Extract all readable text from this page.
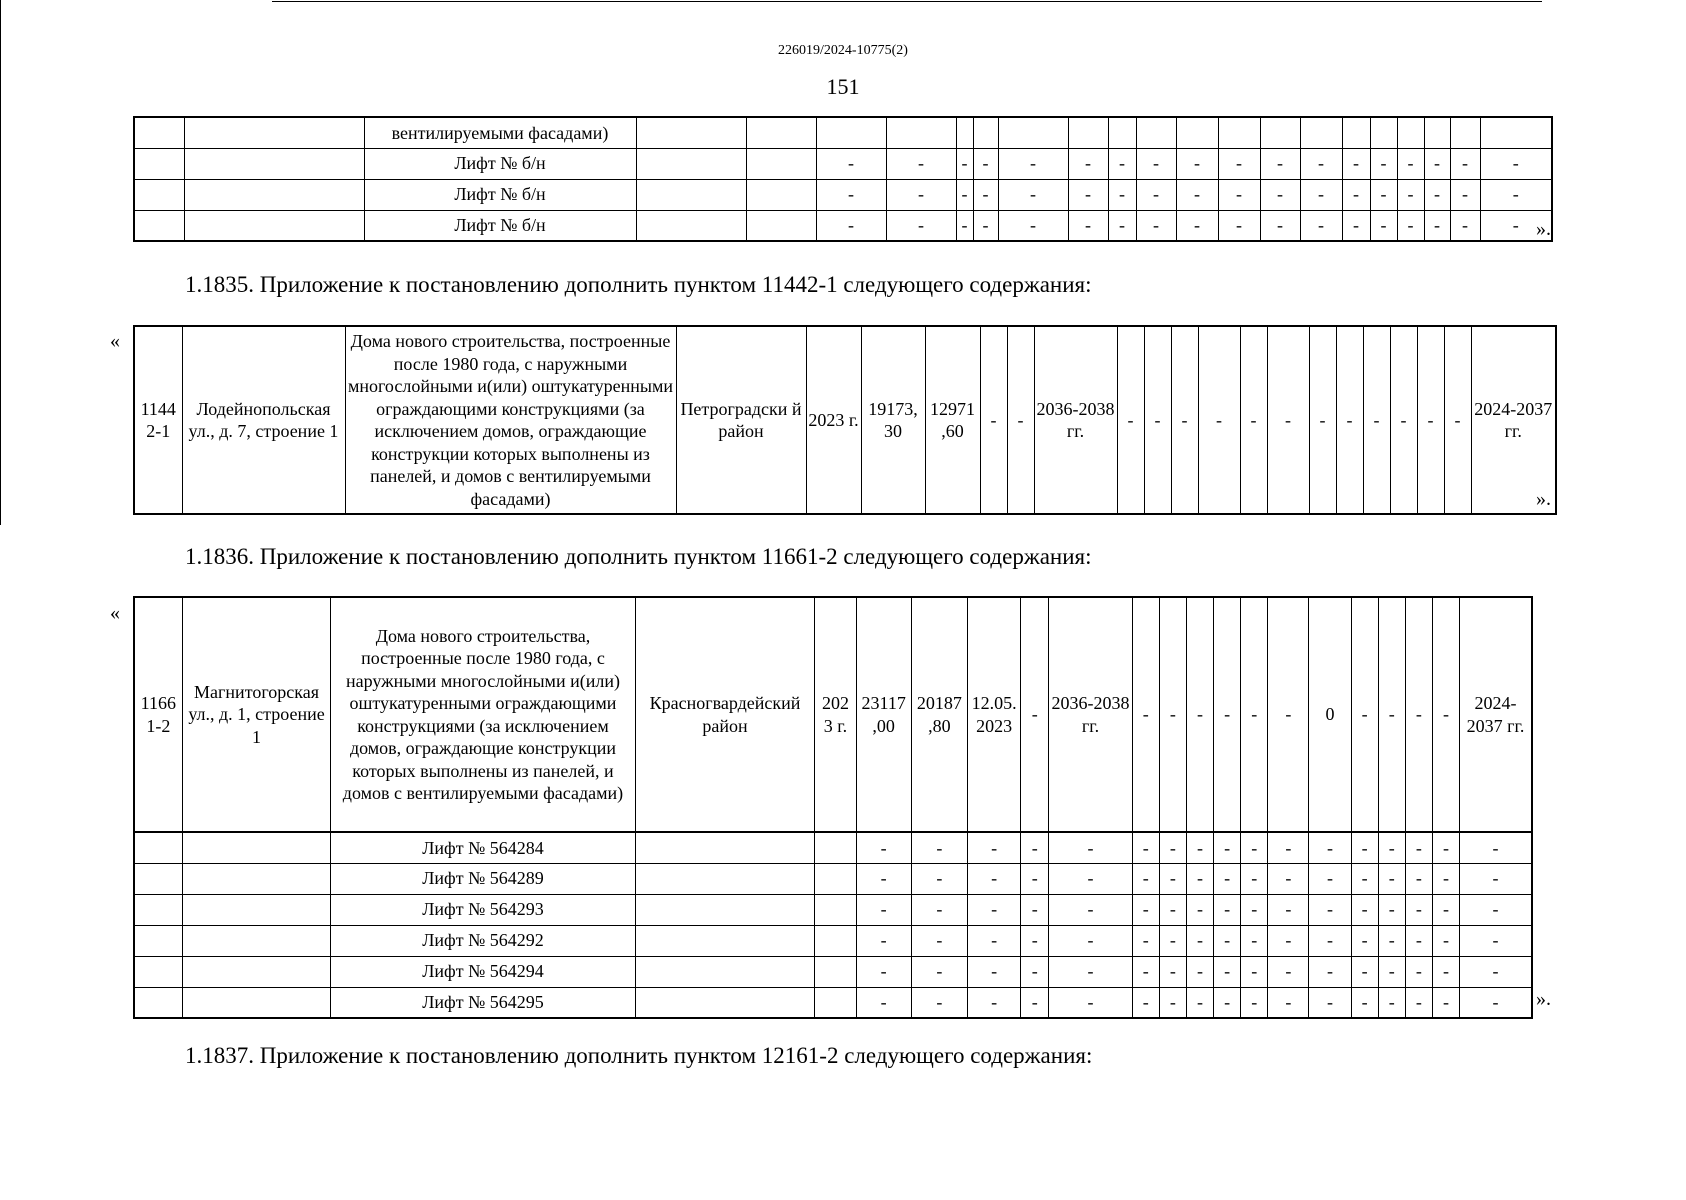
226019/2024-10775(2)
151
		вентилируемыми фасадами)																				
		Лифт № б/н			-	-	-	-	-	-	-	-	-	-	-	-	-	-	-	-	-	-
		Лифт № б/н			-	-	-	-	-	-	-	-	-	-	-	-	-	-	-	-	-	-
		Лифт № б/н			-	-	-	-	-	-	-	-	-	-	-	-	-	-	-	-	-	- ».
1.1835. Приложение к постановлению дополнить пунктом 11442-1 следующего содержания:
«
1144 2-1	Лодейнопольская ул., д. 7, строение 1	Дома нового строительства, построенные после 1980 года, с наружными многослойными и(или) оштукатуренными ограждающими конструкциями (за исключением домов, ограждающие конструкции которых выполнены из панелей, и домов с вентилируемыми фасадами)	Петроградски й район	2023 г.	19173, 30	12971 ,60	-	-	2036-2038 гг.	-	-	-	-	-	-	-	-	-	-	-	-	2024-2037 гг.
».
1.1836. Приложение к постановлению дополнить пунктом 11661-2 следующего содержания:
«
1166 1-2	Магнитогорская ул., д. 1, строение 1	Дома нового строительства, построенные после 1980 года, с наружными многослойными и(или) оштукатуренными ограждающими конструкциями (за исключением домов, ограждающие конструкции которых выполнены из панелей, и домов с вентилируемыми фасадами)	Красногвардейский район	202 3 г.	23117 ,00	20187 ,80	12.05. 2023	-	2036-2038 гг.	-	-	-	-	-	-	0	-	-	-	-	2024-2037 гг.
		Лифт № 564284			-	-	-	-	-	-	-	-	-	-	-	-	-	-	-	-	-
		Лифт № 564289			-	-	-	-	-	-	-	-	-	-	-	-	-	-	-	-	-
		Лифт № 564293			-	-	-	-	-	-	-	-	-	-	-	-	-	-	-	-	-
		Лифт № 564292			-	-	-	-	-	-	-	-	-	-	-	-	-	-	-	-	-
		Лифт № 564294			-	-	-	-	-	-	-	-	-	-	-	-	-	-	-	-	-
		Лифт № 564295			-	-	-	-	-	-	-	-	-	-	-	-	-	-	-	-	- ».
1.1837. Приложение к постановлению дополнить пунктом 12161-2 следующего содержания:
